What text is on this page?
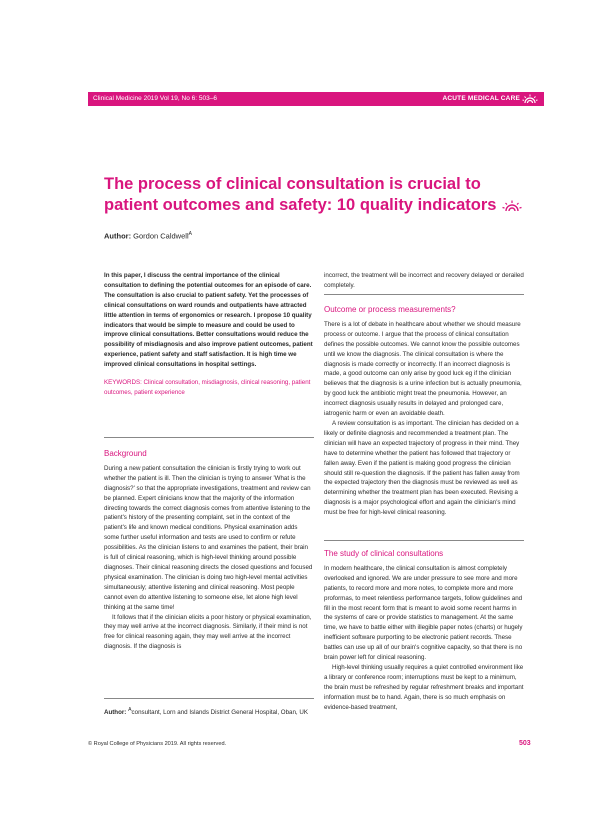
Clinical Medicine 2019 Vol 19, No 6: 503–6	ACUTE MEDICAL CARE
The process of clinical consultation is crucial to patient outcomes and safety: 10 quality indicators
Author: Gordon Caldwell$^A$

In this paper, I discuss the central importance of the clinical consultation to defining the potential outcomes for an episode of care. The consultation is also crucial to patient safety. Yet the processes of clinical consultations on ward rounds and outpatients have attracted little attention in terms of ergonomics or research. I propose 10 quality indicators that would be simple to measure and could be used to improve clinical consultations. Better consultations would reduce the possibility of misdiagnosis and also improve patient outcomes, patient experience, patient safety and staff satisfaction. It is high time we improved clinical consultations in hospital settings.

KEYWORDS: Clinical consultation, misdiagnosis, clinical reasoning, patient outcomes, patient experience

Background

During a new patient consultation the clinician is firstly trying to work out whether the patient is ill. Then the clinician is trying to answer 'What is the diagnosis?' so that the appropriate investigations, treatment and review can be planned. Expert clinicians know that the majority of the information directing towards the correct diagnosis comes from attentive listening to the patient's history of the presenting complaint, set in the context of the patient's life and known medical conditions. Physical examination adds some further useful information and tests are used to confirm or refute possibilities. As the clinician listens to and examines the patient, their brain is full of clinical reasoning, which is high-level thinking around possible diagnoses. Their clinical reasoning directs the closed questions and focused physical examination. The clinician is doing two high-level mental activities simultaneously; attentive listening and clinical reasoning. Most people cannot even do attentive listening to someone else, let alone high level thinking at the same time!

It follows that if the clinician elicits a poor history or physical examination, they may well arrive at the incorrect diagnosis. Similarly, if their mind is not free for clinical reasoning again, they may well arrive at the incorrect diagnosis. If the diagnosis is

Author: $^A$consultant, Lorn and Islands District General Hospital, Oban, UK

incorrect, the treatment will be incorrect and recovery delayed or derailed completely.

Outcome or process measurements?

There is a lot of debate in healthcare about whether we should measure process or outcome. I argue that the process of clinical consultation defines the possible outcomes. We cannot know the possible outcomes until we know the diagnosis. The clinical consultation is where the diagnosis is made correctly or incorrectly. If an incorrect diagnosis is made, a good outcome can only arise by good luck eg if the clinician believes that the diagnosis is a urine infection but is actually pneumonia, by good luck the antibiotic might treat the pneumonia. However, an incorrect diagnosis usually results in delayed and prolonged care, iatrogenic harm or even an avoidable death.

A review consultation is as important. The clinician has decided on a likely or definite diagnosis and recommended a treatment plan. The clinician will have an expected trajectory of progress in their mind. They have to determine whether the patient has followed that trajectory or fallen away. Even if the patient is making good progress the clinician should still re-question the diagnosis. If the patient has fallen away from the expected trajectory then the diagnosis must be reviewed as well as determining whether the treatment plan has been executed. Revising a diagnosis is a major psychological effort and again the clinician's mind must be free for high-level clinical reasoning.

The study of clinical consultations

In modern healthcare, the clinical consultation is almost completely overlooked and ignored. We are under pressure to see more and more patients, to record more and more notes, to complete more and more proformas, to meet relentless performance targets, follow guidelines and fill in the most recent form that is meant to avoid some recent harms in the systems of care or provide statistics to management. At the same time, we have to battle either with illegible paper notes (charts) or hugely inefficient software purporting to be electronic patient records. These battles can use up all of our brain's cognitive capacity, so that there is no brain power left for clinical reasoning.

High-level thinking usually requires a quiet controlled environment like a library or conference room; interruptions must be kept to a minimum, the brain must be refreshed by regular refreshment breaks and important information must be to hand. Again, there is so much emphasis on evidence-based treatment,

© Royal College of Physicians 2019. All rights reserved.	503
